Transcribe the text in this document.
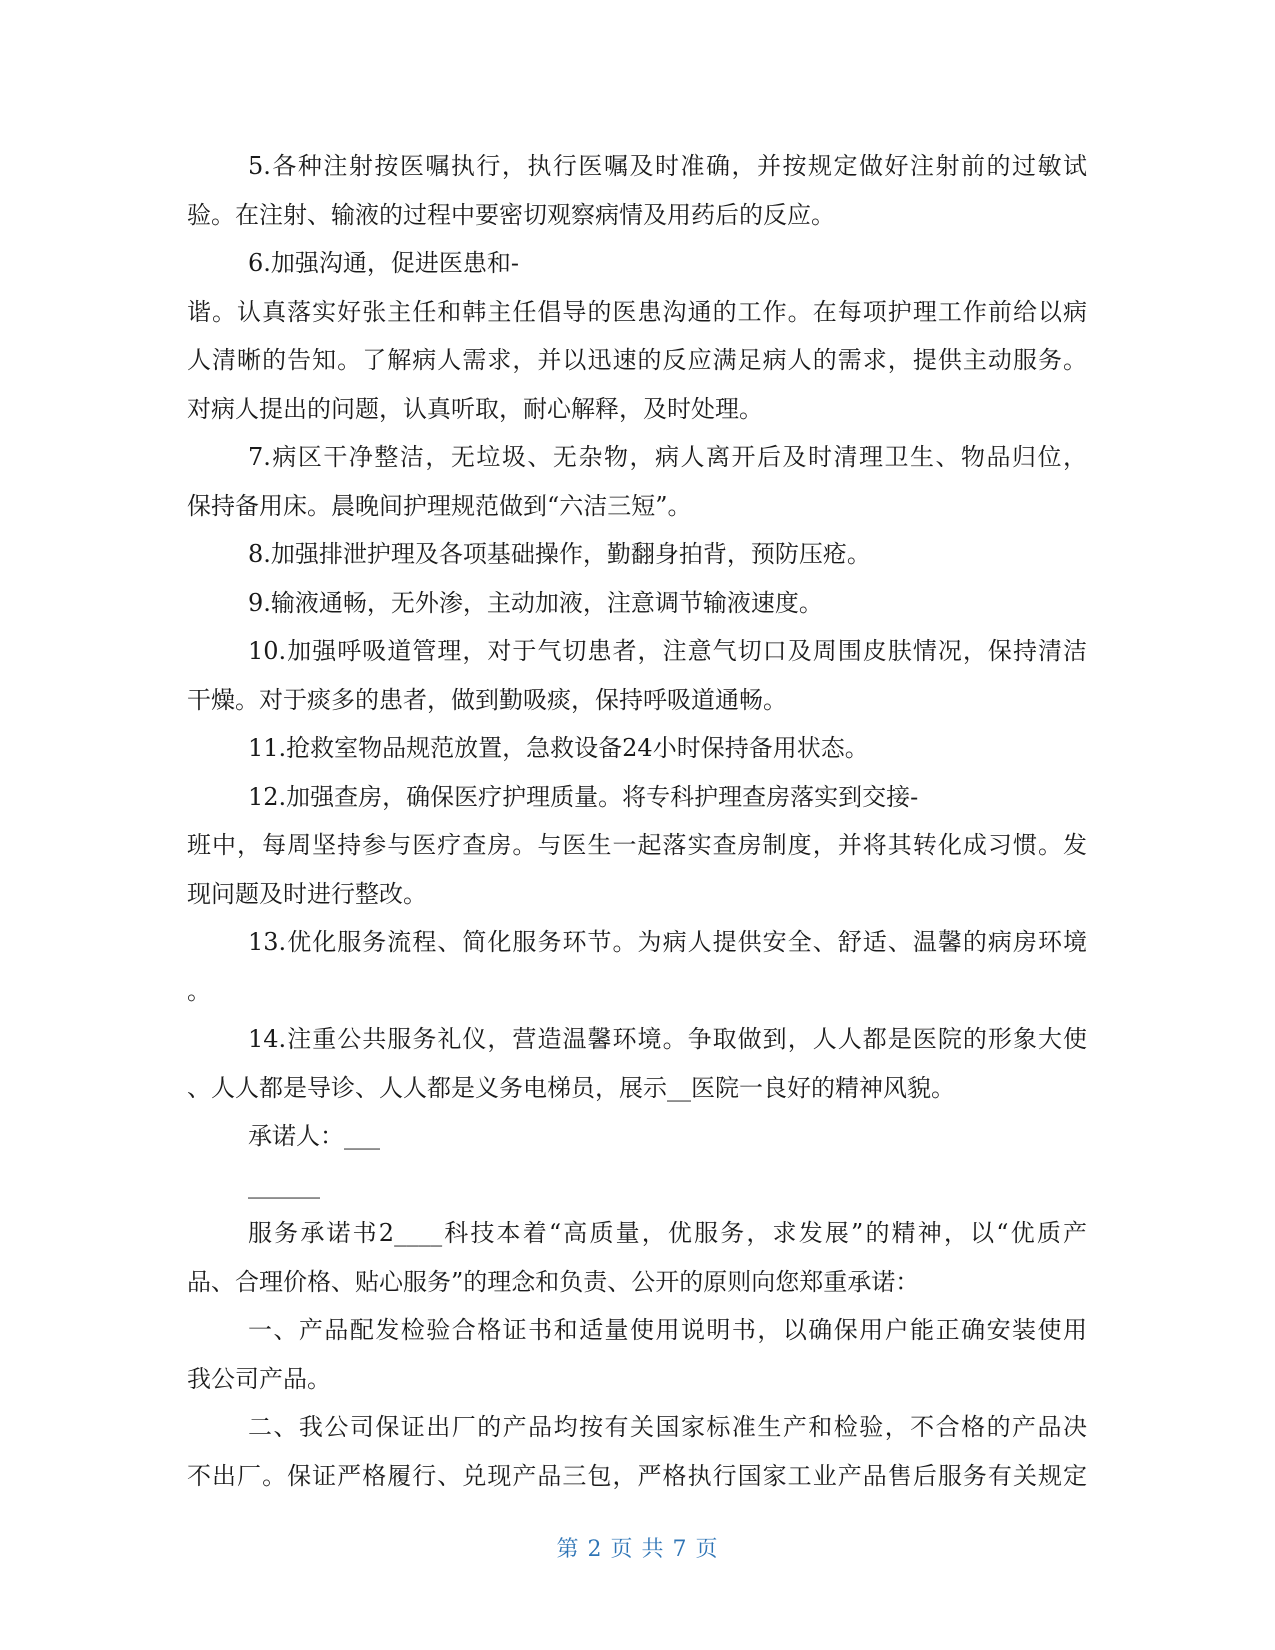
5.各种注射按医嘱执行，执行医嘱及时准确，并按规定做好注射前的过敏试
验。在注射、输液的过程中要密切观察病情及用药后的反应。
6.加强沟通，促进医患和-
谐。认真落实好张主任和韩主任倡导的医患沟通的工作。在每项护理工作前给以病
人清晰的告知。了解病人需求，并以迅速的反应满足病人的需求，提供主动服务。
对病人提出的问题，认真听取，耐心解释，及时处理。
7.病区干净整洁，无垃圾、无杂物，病人离开后及时清理卫生、物品归位，
保持备用床。晨晚间护理规范做到“六洁三短”。
8.加强排泄护理及各项基础操作，勤翻身拍背，预防压疮。
9.输液通畅，无外渗，主动加液，注意调节输液速度。
10.加强呼吸道管理，对于气切患者，注意气切口及周围皮肤情况，保持清洁
干燥。对于痰多的患者，做到勤吸痰，保持呼吸道通畅。
11.抢救室物品规范放置，急救设备24小时保持备用状态。
12.加强查房，确保医疗护理质量。将专科护理查房落实到交接-
班中，每周坚持参与医疗查房。与医生一起落实查房制度，并将其转化成习惯。发
现问题及时进行整改。
13.优化服务流程、简化服务环节。为病人提供安全、舒适、温馨的病房环境
。
14.注重公共服务礼仪，营造温馨环境。争取做到，人人都是医院的形象大使
、人人都是导诊、人人都是义务电梯员，展示__医院一良好的精神风貌。
承诺人：___
______
服务承诺书2____科技本着“高质量，优服务，求发展”的精神，以“优质产
品、合理价格、贴心服务”的理念和负责、公开的原则向您郑重承诺：
一、产品配发检验合格证书和适量使用说明书，以确保用户能正确安装使用
我公司产品。
二、我公司保证出厂的产品均按有关国家标准生产和检验，不合格的产品决
不出厂。保证严格履行、兑现产品三包，严格执行国家工业产品售后服务有关规定
第 2 页 共 7 页
